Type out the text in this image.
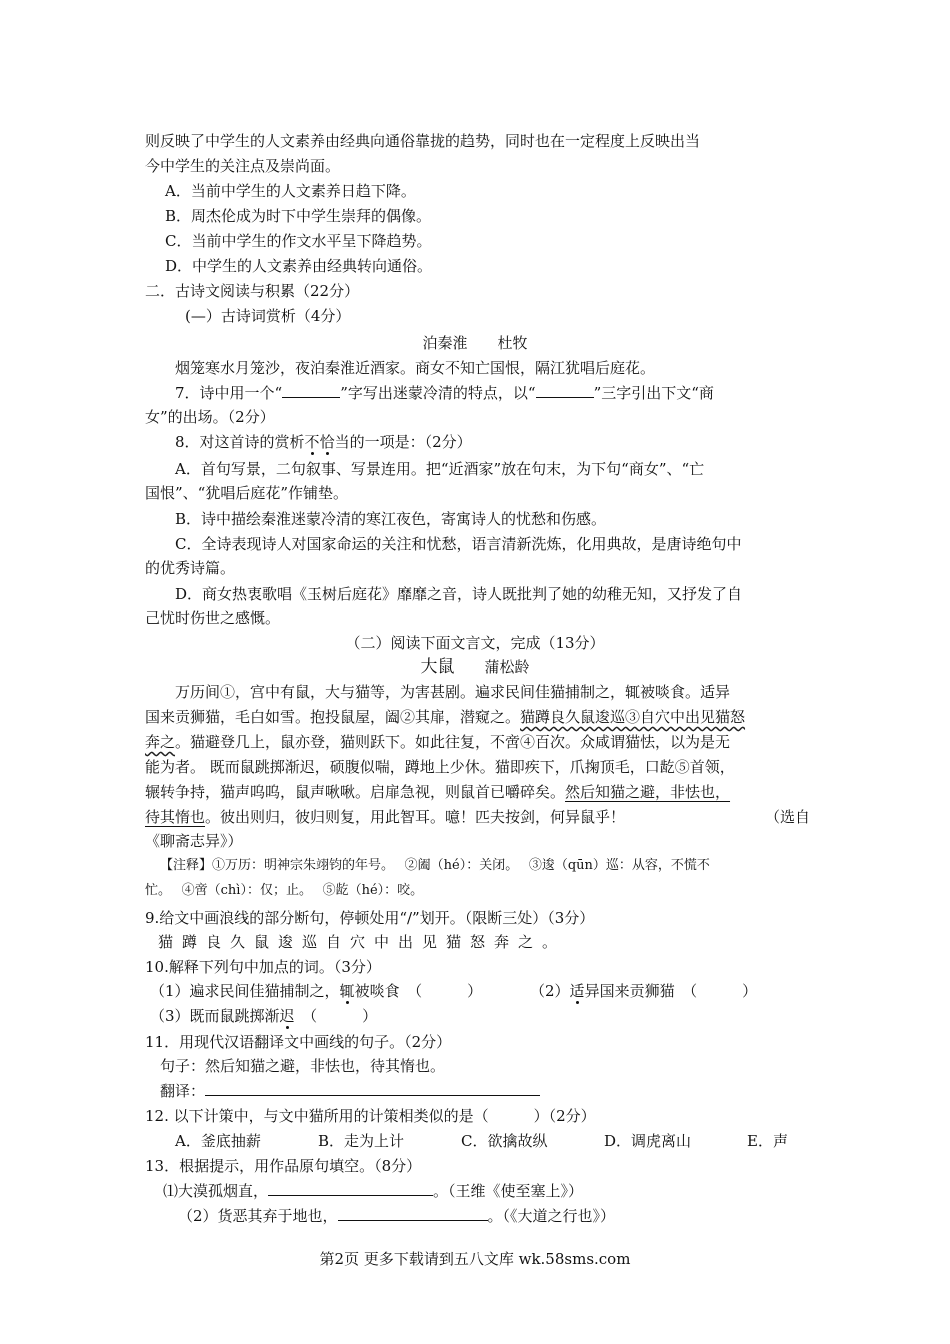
则反映了中学生的人文素养由经典向通俗靠拢的趋势，同时也在一定程度上反映出当
今中学生的关注点及崇尚面。
A．当前中学生的人文素养日趋下降。
B．周杰伦成为时下中学生崇拜的偶像。
C．当前中学生的作文水平呈下降趋势。
D．中学生的人文素养由经典转向通俗。
二．古诗文阅读与积累（22分）
(—）古诗词赏析（4分）
泊秦淮　　 杜牧
烟笼寒水月笼沙，夜泊秦淮近酒家。商女不知亡国恨，隔江犹唱后庭花。
7．诗中用一个“	”字写出迷蒙冷清的特点，以“	”三字引出下文“商
女”的出场。（2分）
8．对这首诗的赏析不恰当的一项是：（2分）
A．首句写景，二句叙事、写景连用。把“近酒家”放在句末，为下句“商女”、“亡
国恨”、“犹唱后庭花”作铺垫。
B．诗中描绘秦淮迷蒙冷清的寒江夜色，寄寓诗人的忧愁和伤感。
C．全诗表现诗人对国家命运的关注和忧愁，语言清新洗炼，化用典故，是唐诗绝句中
的优秀诗篇。
D．商女热衷歌唱《玉树后庭花》靡靡之音，诗人既批判了她的幼稚无知，又抒发了自
己忧时伤世之感慨。
（二）阅读下面文言文，完成（13分）
大鼠　　 蒲松龄
万历间①，宫中有鼠，大与猫等，为害甚剧。遍求民间佳猫捕制之，辄被啖食。适异
国来贡狮猫，毛白如雪。抱投鼠屋，阖②其扉，潜窥之。猫蹲良久鼠逡巡③自穴中出见猫怒
奔之。猫避登几上，鼠亦登，猫则跃下。如此往复，不啻④百次。众咸谓猫怯，以为是无
能为者。 既而鼠跳掷渐迟，硕腹似喘，蹲地上少休。猫即疾下，爪掬顶毛，口龁⑤首领，
辗转争持，猫声呜呜，鼠声啾啾。启扉急视，则鼠首已嚼碎矣。然后知猫之避，非怯也，
待其惰也。彼出则归，彼归则复，用此智耳。噫！匹夫按剑，何异鼠乎！	（选自
《聊斋志异》）
【注释】①万历：明神宗朱翊钧的年号。　 ②阖（hé）：关闭。　 ③逡（qūn）巡：从容，不慌不
忙。　 ④啻（chì）：仅；止。　 ⑤龁（hé）：咬。
9.给文中画浪线的部分断句，停顿处用“/”划开。（限断三处）（3分）
猫蹲良久鼠逡巡自穴中出见猫怒奔之。
10.解释下列句中加点的词。（3分）
（1）遍求民间佳猫捕制之，辄被啖食　（　　　）	（2）适异国来贡狮猫　（　　　）
（3）既而鼠跳掷渐迟　（　　　）
11．用现代汉语翻译文中画线的句子。（2分）
句子：然后知猫之避，非怯也，待其惰也。
翻译：
12. 以下计策中，与文中猫所用的计策相类似的是（　　　）（2分）
A．釜底抽薪	B．走为上计	C．欲擒故纵	D．调虎离山	E．声
13．根据提示，用作品原句填空。（8分）
⑴大漠孤烟直，	。（王维《使至塞上》）
（2）货恶其弃于地也，	。（《大道之行也》）
第2页 更多下载请到五八文库 wk.58sms.com
